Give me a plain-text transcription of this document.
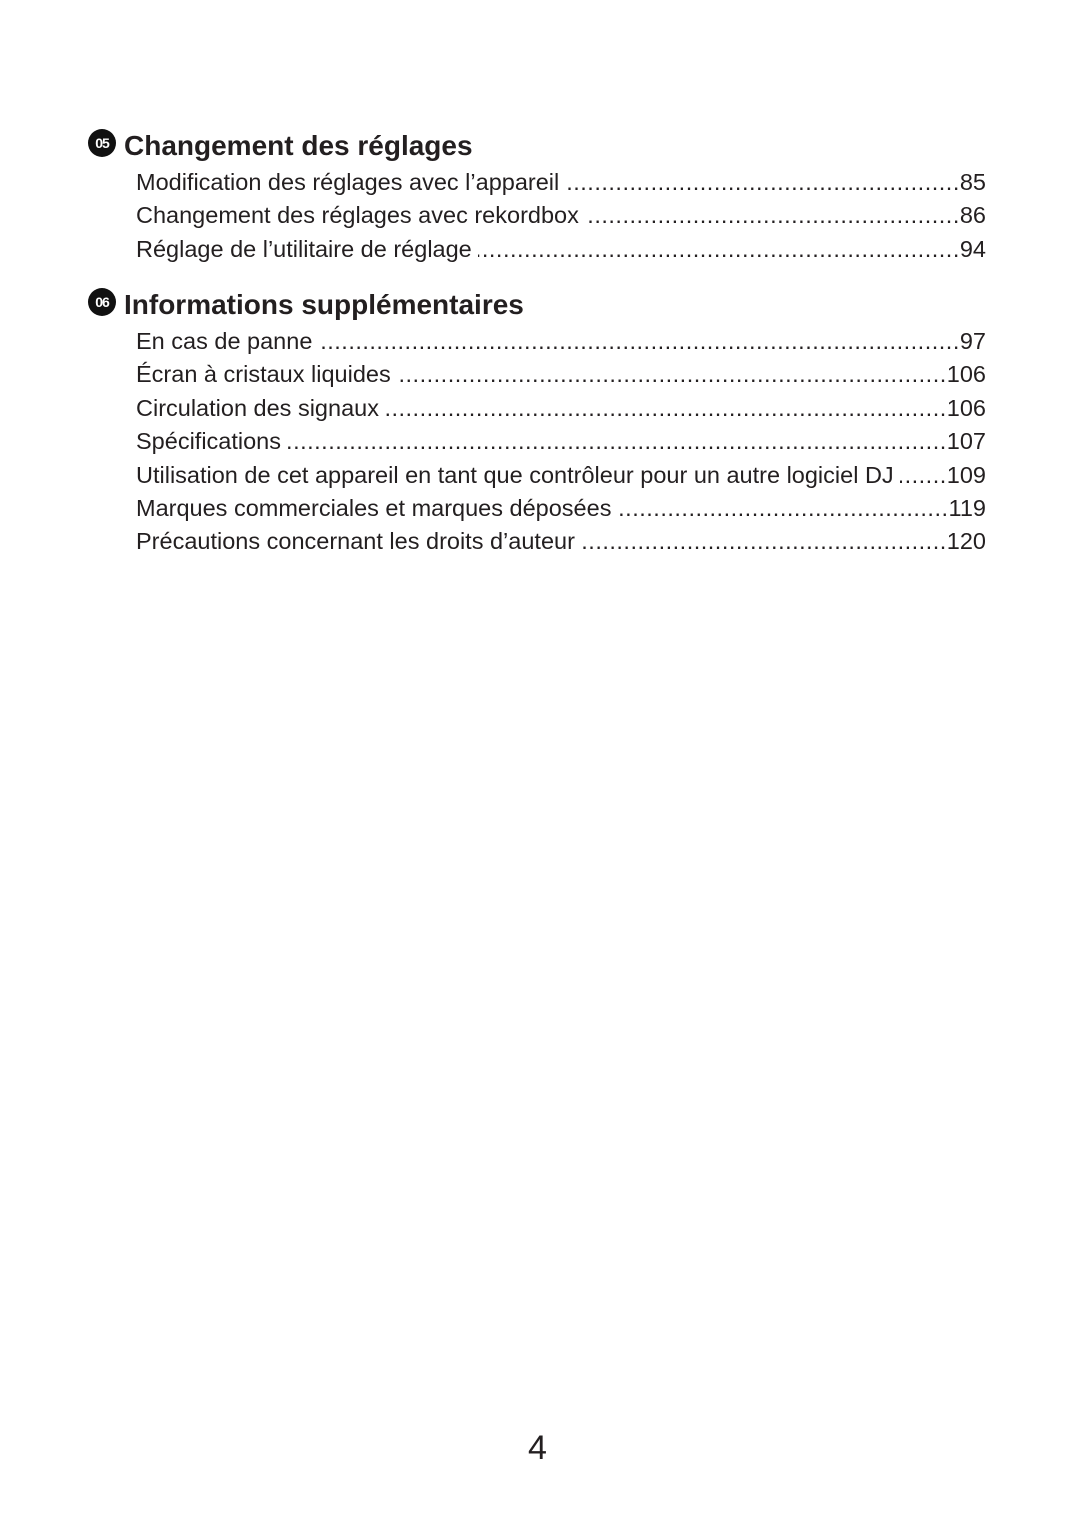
05 Changement des réglages
Modification des réglages avec l’appareil .....	85
Changement des réglages avec rekordbox .....	86
Réglage de l’utilitaire de réglage .....	94
06 Informations supplémentaires
En cas de panne .....	97
Écran à cristaux liquides .....	106
Circulation des signaux .....	106
Spécifications .....	107
Utilisation de cet appareil en tant que contrôleur pour un autre logiciel DJ ..... 109
Marques commerciales et marques déposées .....	119
Précautions concernant les droits d’auteur .....	120
4
